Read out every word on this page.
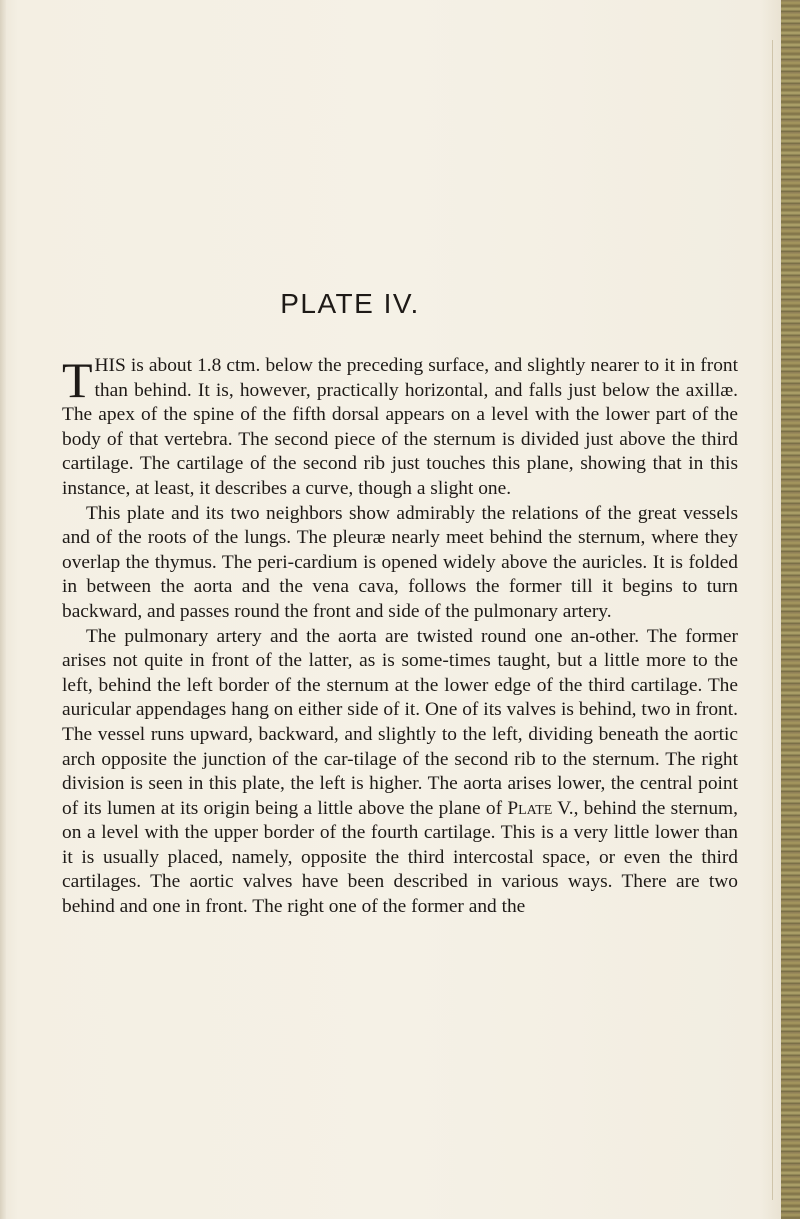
PLATE IV.

THIS is about 1.8 ctm. below the preceding surface, and slightly nearer to it in front than behind. It is, however, practically horizontal, and falls just below the axillæ. The apex of the spine of the fifth dorsal appears on a level with the lower part of the body of that vertebra. The second piece of the sternum is divided just above the third cartilage. The cartilage of the second rib just touches this plane, showing that in this instance, at least, it describes a curve, though a slight one.

This plate and its two neighbors show admirably the relations of the great vessels and of the roots of the lungs. The pleuræ nearly meet behind the sternum, where they overlap the thymus. The peri-cardium is opened widely above the auricles. It is folded in between the aorta and the vena cava, follows the former till it begins to turn backward, and passes round the front and side of the pulmonary artery.

The pulmonary artery and the aorta are twisted round one an-other. The former arises not quite in front of the latter, as is some-times taught, but a little more to the left, behind the left border of the sternum at the lower edge of the third cartilage. The auricular appendages hang on either side of it. One of its valves is behind, two in front. The vessel runs upward, backward, and slightly to the left, dividing beneath the aortic arch opposite the junction of the car-tilage of the second rib to the sternum. The right division is seen in this plate, the left is higher. The aorta arises lower, the central point of its lumen at its origin being a little above the plane of Plate V., behind the sternum, on a level with the upper border of the fourth cartilage. This is a very little lower than it is usually placed, namely, opposite the third intercostal space, or even the third cartilages. The aortic valves have been described in various ways. There are two behind and one in front. The right one of the former and the
